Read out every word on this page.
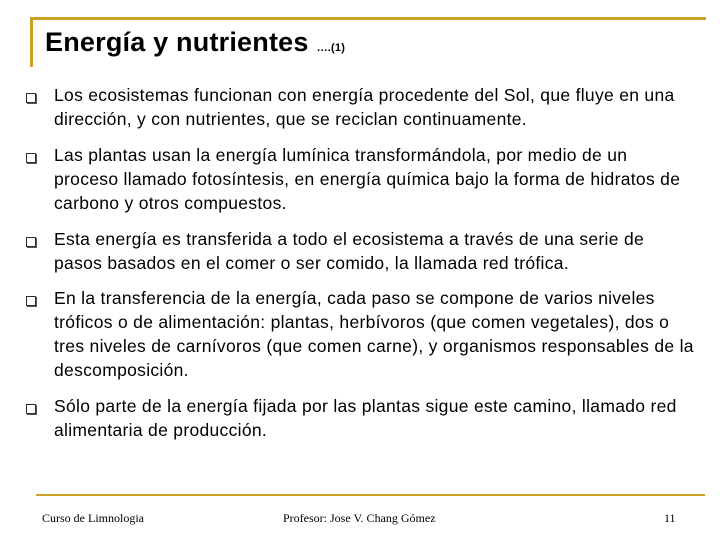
Energía y nutrientes ….(1)
Los ecosistemas funcionan con energía procedente del Sol, que fluye en una dirección, y con nutrientes, que se reciclan continuamente.
Las plantas usan la energía lumínica transformándola, por medio de un proceso llamado fotosíntesis, en energía química bajo la forma de hidratos de carbono y otros compuestos.
Esta energía es transferida a todo el ecosistema a través de una serie de pasos basados en el comer o ser comido, la llamada red trófica.
En la transferencia de la energía, cada paso se compone de varios niveles tróficos o de alimentación: plantas, herbívoros (que comen vegetales), dos o tres niveles de carnívoros (que comen carne), y organismos responsables de la descomposición.
Sólo parte de la energía fijada por las plantas sigue este camino, llamado red alimentaria de producción.
Curso de Limnologia	Profesor: Jose V. Chang Gómez	11
